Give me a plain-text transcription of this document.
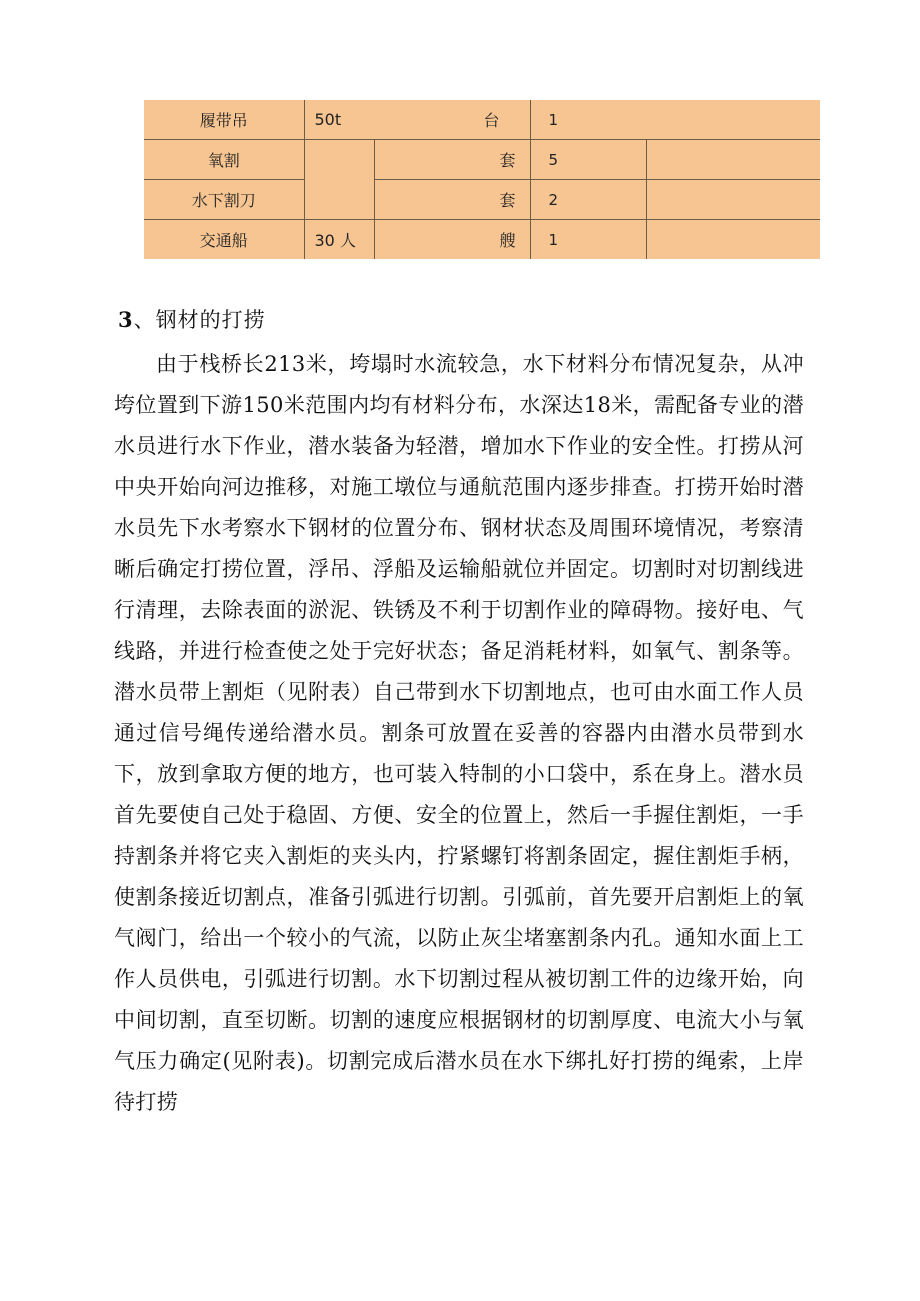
履带吊	50t	台	1	
氧割		套	5	
水下割刀		套	2	
交通船	30 人	艘	1	
3、钢材的打捞
由于栈桥长213米，垮塌时水流较急，水下材料分布情况复杂，从冲垮位置到下游150米范围内均有材料分布，水深达18米，需配备专业的潜水员进行水下作业，潜水装备为轻潜，增加水下作业的安全性。打捞从河中央开始向河边推移，对施工墩位与通航范围内逐步排查。打捞开始时潜水员先下水考察水下钢材的位置分布、钢材状态及周围环境情况，考察清晰后确定打捞位置，浮吊、浮船及运输船就位并固定。切割时对切割线进行清理，去除表面的淤泥、铁锈及不利于切割作业的障碍物。接好电、气线路，并进行检查使之处于完好状态；备足消耗材料，如氧气、割条等。潜水员带上割炬（见附表）自己带到水下切割地点，也可由水面工作人员通过信号绳传递给潜水员。割条可放置在妥善的容器内由潜水员带到水下，放到拿取方便的地方，也可装入特制的小口袋中，系在身上。潜水员首先要使自己处于稳固、方便、安全的位置上，然后一手握住割炬，一手持割条并将它夹入割炬的夹头内，拧紧螺钉将割条固定，握住割炬手柄，使割条接近切割点，准备引弧进行切割。引弧前，首先要开启割炬上的氧气阀门，给出一个较小的气流，以防止灰尘堵塞割条内孔。通知水面上工作人员供电，引弧进行切割。水下切割过程从被切割工件的边缘开始，向中间切割，直至切断。切割的速度应根据钢材的切割厚度、电流大小与氧气压力确定(见附表)。切割完成后潜水员在水下绑扎好打捞的绳索，上岸待打捞
